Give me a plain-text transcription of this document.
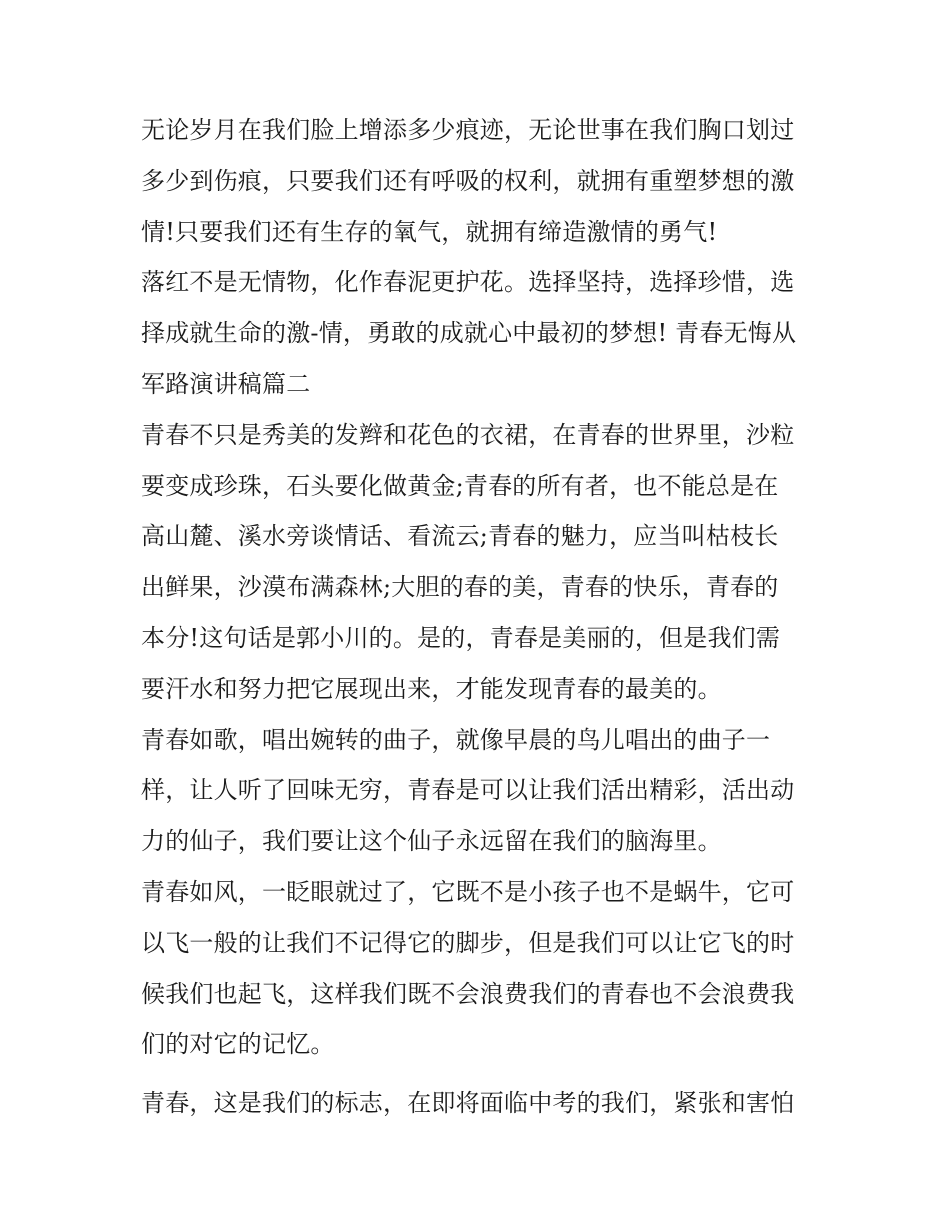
无论岁月在我们脸上增添多少痕迹，无论世事在我们胸口划过
多少到伤痕，只要我们还有呼吸的权利，就拥有重塑梦想的激
情!只要我们还有生存的氧气，就拥有缔造激情的勇气!
落红不是无情物，化作春泥更护花。选择坚持，选择珍惜，选
择成就生命的激-情，勇敢的成就心中最初的梦想! 青春无悔从
军路演讲稿篇二
青春不只是秀美的发辫和花色的衣裙，在青春的世界里，沙粒
要变成珍珠，石头要化做黄金;青春的所有者，也不能总是在
高山麓、溪水旁谈情话、看流云;青春的魅力，应当叫枯枝长
出鲜果，沙漠布满森林;大胆的春的美，青春的快乐，青春的
本分!这句话是郭小川的。是的，青春是美丽的，但是我们需
要汗水和努力把它展现出来，才能发现青春的最美的。
青春如歌，唱出婉转的曲子，就像早晨的鸟儿唱出的曲子一
样，让人听了回味无穷，青春是可以让我们活出精彩，活出动
力的仙子，我们要让这个仙子永远留在我们的脑海里。
青春如风，一眨眼就过了，它既不是小孩子也不是蜗牛，它可
以飞一般的让我们不记得它的脚步，但是我们可以让它飞的时
候我们也起飞，这样我们既不会浪费我们的青春也不会浪费我
们的对它的记忆。
青春，这是我们的标志，在即将面临中考的我们，紧张和害怕
